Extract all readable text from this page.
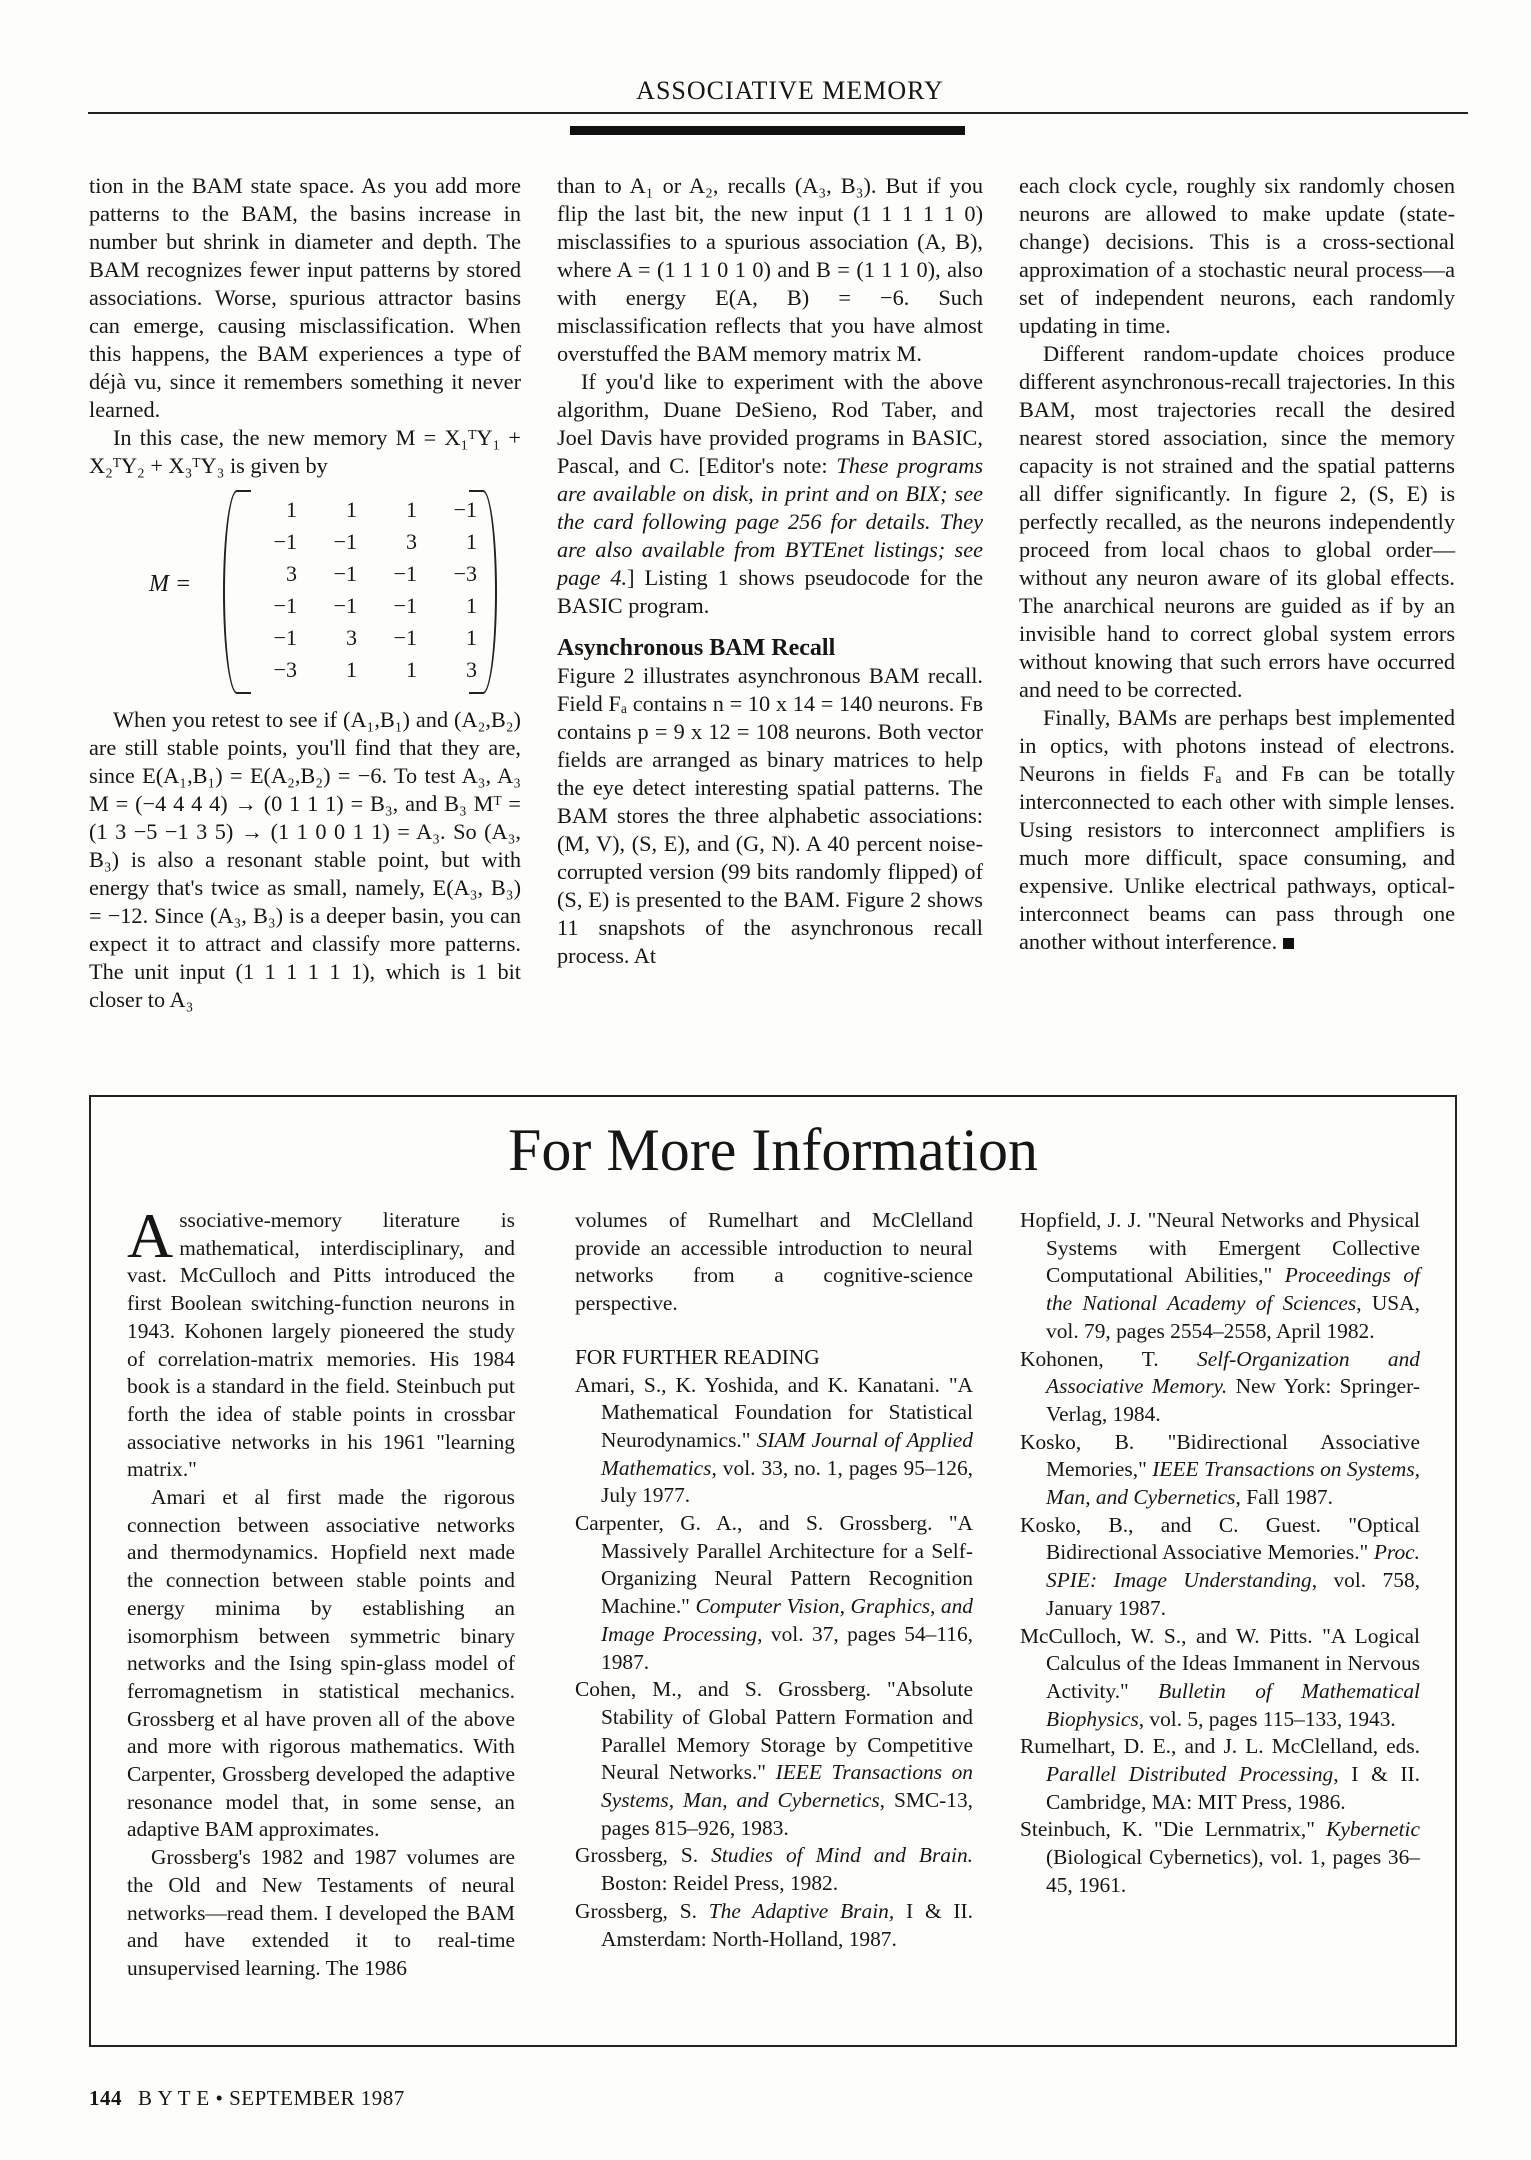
ASSOCIATIVE MEMORY

tion in the BAM state space. As you add more patterns to the BAM, the basins increase in number but shrink in diameter and depth. The BAM recognizes fewer input patterns by stored associations. Worse, spurious attractor basins can emerge, causing misclassification. When this happens, the BAM experiences a type of déjà vu, since it remembers something it never learned.

In this case, the new memory M = X₁ᵀY₁ + X₂ᵀY₂ + X₃ᵀY₃ is given by

M =
1	1	1	−1
−1	−1	3	1
3	−1	−1	−3
−1	−1	−1	1
−1	3	−1	1
−3	1	1	3

When you retest to see if (A₁,B₁) and (A₂,B₂) are still stable points, you'll find that they are, since E(A₁,B₁) = E(A₂,B₂) = −6. To test A₃, A₃ M = (−4 4 4 4) → (0 1 1 1) = B₃, and B₃ Mᵀ = (1 3 −5 −1 3 5) → (1 1 0 0 1 1) = A₃. So (A₃, B₃) is also a resonant stable point, but with energy that's twice as small, namely, E(A₃, B₃) = −12. Since (A₃, B₃) is a deeper basin, you can expect it to attract and classify more patterns. The unit input (1 1 1 1 1 1), which is 1 bit closer to A₃

than to A₁ or A₂, recalls (A₃, B₃). But if you flip the last bit, the new input (1 1 1 1 1 0) misclassifies to a spurious association (A, B), where A = (1 1 1 0 1 0) and B = (1 1 1 0), also with energy E(A, B) = −6. Such misclassification reflects that you have almost overstuffed the BAM memory matrix M.

If you'd like to experiment with the above algorithm, Duane DeSieno, Rod Taber, and Joel Davis have provided programs in BASIC, Pascal, and C. [Editor's note: These programs are available on disk, in print and on BIX; see the card following page 256 for details. They are also available from BYTEnet listings; see page 4.] Listing 1 shows pseudocode for the BASIC program.

Asynchronous BAM Recall

Figure 2 illustrates asynchronous BAM recall. Field Fₐ contains n = 10 x 14 = 140 neurons. Fʙ contains p = 9 x 12 = 108 neurons. Both vector fields are arranged as binary matrices to help the eye detect interesting spatial patterns. The BAM stores the three alphabetic associations: (M, V), (S, E), and (G, N). A 40 percent noise-corrupted version (99 bits randomly flipped) of (S, E) is presented to the BAM. Figure 2 shows 11 snapshots of the asynchronous recall process. At

each clock cycle, roughly six randomly chosen neurons are allowed to make update (state-change) decisions. This is a cross-sectional approximation of a stochastic neural process—a set of independent neurons, each randomly updating in time.

Different random-update choices produce different asynchronous-recall trajectories. In this BAM, most trajectories recall the desired nearest stored association, since the memory capacity is not strained and the spatial patterns all differ significantly. In figure 2, (S, E) is perfectly recalled, as the neurons independently proceed from local chaos to global order—without any neuron aware of its global effects. The anarchical neurons are guided as if by an invisible hand to correct global system errors without knowing that such errors have occurred and need to be corrected.

Finally, BAMs are perhaps best implemented in optics, with photons instead of electrons. Neurons in fields Fₐ and Fʙ can be totally interconnected to each other with simple lenses. Using resistors to interconnect amplifiers is much more difficult, space consuming, and expensive. Unlike electrical pathways, optical-interconnect beams can pass through one another without interference.

For More Information

Associative-memory literature is mathematical, interdisciplinary, and vast. McCulloch and Pitts introduced the first Boolean switching-function neurons in 1943. Kohonen largely pioneered the study of correlation-matrix memories. His 1984 book is a standard in the field. Steinbuch put forth the idea of stable points in crossbar associative networks in his 1961 "learning matrix."

Amari et al first made the rigorous connection between associative networks and thermodynamics. Hopfield next made the connection between stable points and energy minima by establishing an isomorphism between symmetric binary networks and the Ising spin-glass model of ferromagnetism in statistical mechanics. Grossberg et al have proven all of the above and more with rigorous mathematics. With Carpenter, Grossberg developed the adaptive resonance model that, in some sense, an adaptive BAM approximates.

Grossberg's 1982 and 1987 volumes are the Old and New Testaments of neural networks—read them. I developed the BAM and have extended it to real-time unsupervised learning. The 1986

volumes of Rumelhart and McClelland provide an accessible introduction to neural networks from a cognitive-science perspective.

FOR FURTHER READING

Amari, S., K. Yoshida, and K. Kanatani. "A Mathematical Foundation for Statistical Neurodynamics." SIAM Journal of Applied Mathematics, vol. 33, no. 1, pages 95–126, July 1977.

Carpenter, G. A., and S. Grossberg. "A Massively Parallel Architecture for a Self-Organizing Neural Pattern Recognition Machine." Computer Vision, Graphics, and Image Processing, vol. 37, pages 54–116, 1987.

Cohen, M., and S. Grossberg. "Absolute Stability of Global Pattern Formation and Parallel Memory Storage by Competitive Neural Networks." IEEE Transactions on Systems, Man, and Cybernetics, SMC-13, pages 815–926, 1983.

Grossberg, S. Studies of Mind and Brain. Boston: Reidel Press, 1982.

Grossberg, S. The Adaptive Brain, I & II. Amsterdam: North-Holland, 1987.

Hopfield, J. J. "Neural Networks and Physical Systems with Emergent Collective Computational Abilities," Proceedings of the National Academy of Sciences, USA, vol. 79, pages 2554–2558, April 1982.

Kohonen, T. Self-Organization and Associative Memory. New York: Springer-Verlag, 1984.

Kosko, B. "Bidirectional Associative Memories," IEEE Transactions on Systems, Man, and Cybernetics, Fall 1987.

Kosko, B., and C. Guest. "Optical Bidirectional Associative Memories." Proc. SPIE: Image Understanding, vol. 758, January 1987.

McCulloch, W. S., and W. Pitts. "A Logical Calculus of the Ideas Immanent in Nervous Activity." Bulletin of Mathematical Biophysics, vol. 5, pages 115–133, 1943.

Rumelhart, D. E., and J. L. McClelland, eds. Parallel Distributed Processing, I & II. Cambridge, MA: MIT Press, 1986.

Steinbuch, K. "Die Lernmatrix," Kybernetic (Biological Cybernetics), vol. 1, pages 36–45, 1961.

144 B Y T E • SEPTEMBER 1987
